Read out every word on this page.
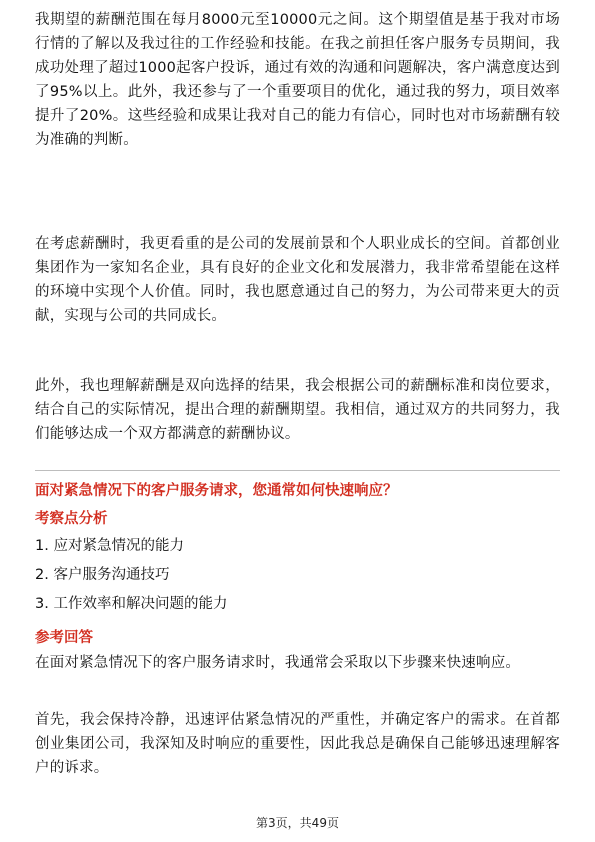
我期望的薪酬范围在每月8000元至10000元之间。这个期望值是基于我对市场行情的了解以及我过往的工作经验和技能。在我之前担任客户服务专员期间，我成功处理了超过1000起客户投诉，通过有效的沟通和问题解决，客户满意度达到了95%以上。此外，我还参与了一个重要项目的优化，通过我的努力，项目效率提升了20%。这些经验和成果让我对自己的能力有信心，同时也对市场薪酬有较为准确的判断。

在考虑薪酬时，我更看重的是公司的发展前景和个人职业成长的空间。首都创业集团作为一家知名企业，具有良好的企业文化和发展潜力，我非常希望能在这样的环境中实现个人价值。同时，我也愿意通过自己的努力，为公司带来更大的贡献，实现与公司的共同成长。

此外，我也理解薪酬是双向选择的结果，我会根据公司的薪酬标准和岗位要求，结合自己的实际情况，提出合理的薪酬期望。我相信，通过双方的共同努力，我们能够达成一个双方都满意的薪酬协议。

面对紧急情况下的客户服务请求，您通常如何快速响应？

考察点分析

1. 应对紧急情况的能力

2. 客户服务沟通技巧

3. 工作效率和解决问题的能力

参考回答

在面对紧急情况下的客户服务请求时，我通常会采取以下步骤来快速响应。

首先，我会保持冷静，迅速评估紧急情况的严重性，并确定客户的需求。在首都创业集团公司，我深知及时响应的重要性，因此我总是确保自己能够迅速理解客户的诉求。

第3页，共49页
